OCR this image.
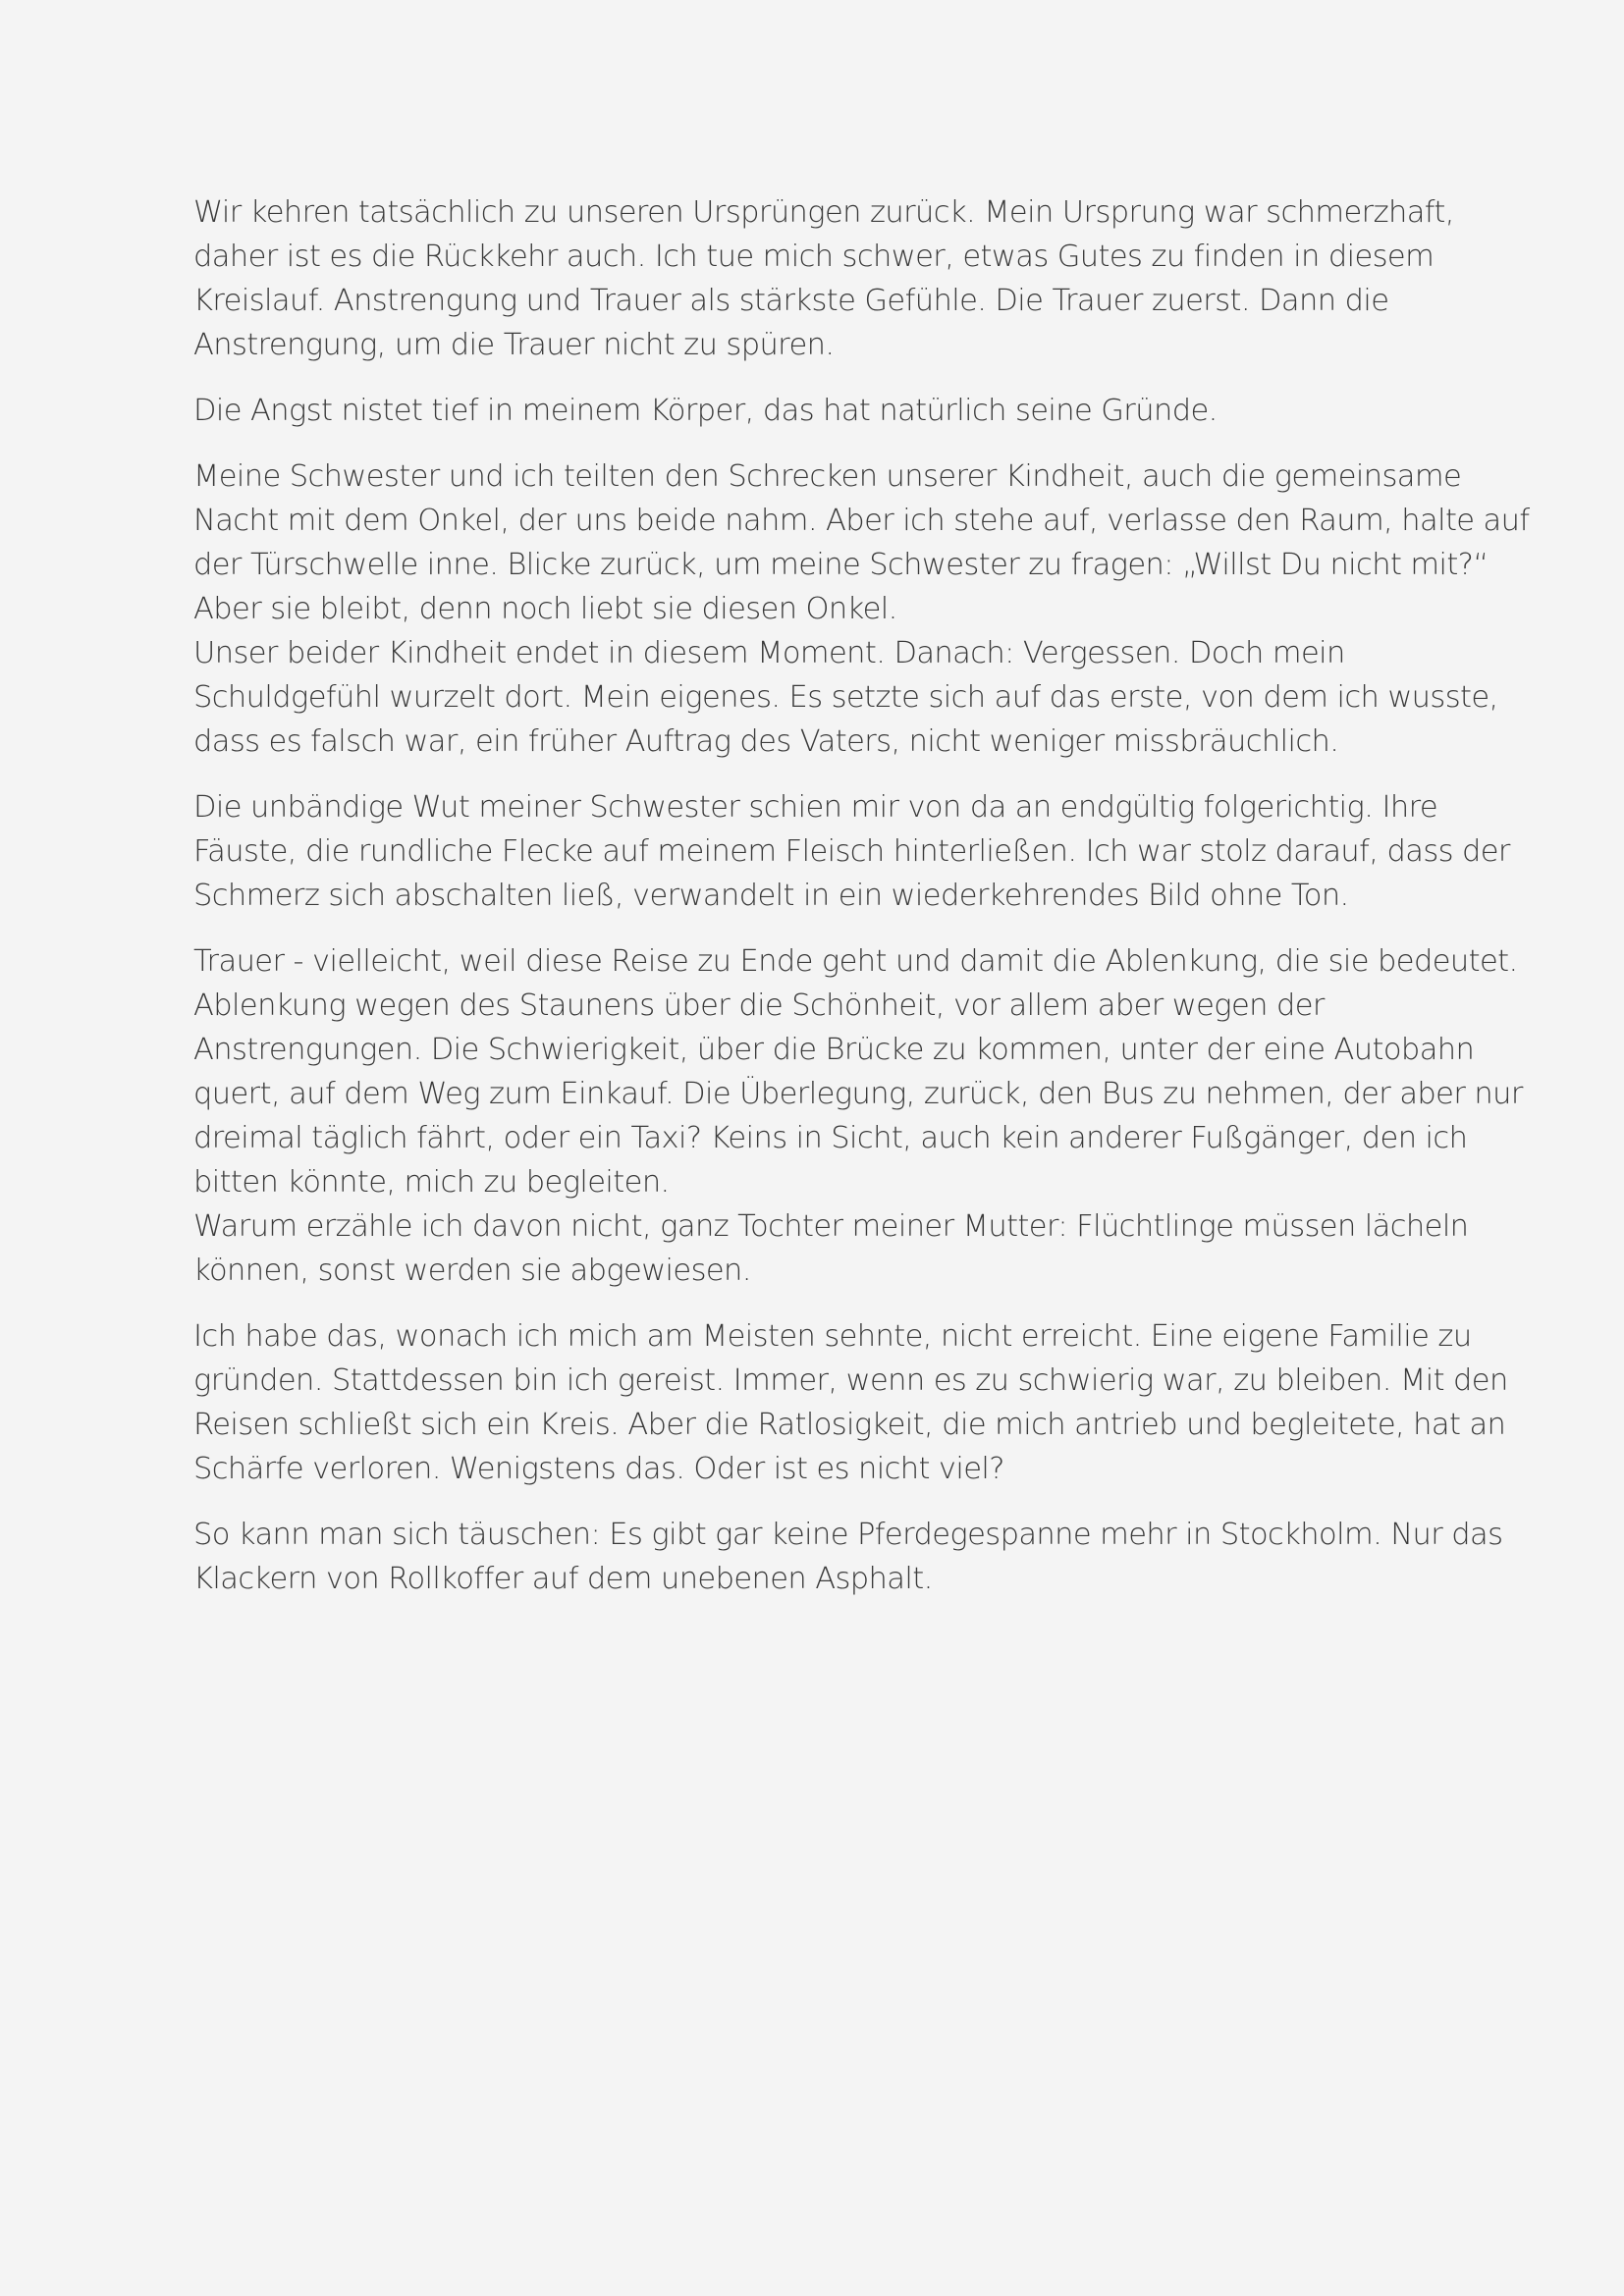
Wir kehren tatsächlich zu unseren Ursprüngen zurück. Mein Ursprung war schmerzhaft,
daher ist es die Rückkehr auch. Ich tue mich schwer, etwas Gutes zu finden in diesem
Kreislauf. Anstrengung und Trauer als stärkste Gefühle. Die Trauer zuerst. Dann die
Anstrengung, um die Trauer nicht zu spüren.
Die Angst nistet tief in meinem Körper, das hat natürlich seine Gründe.
Meine Schwester und ich teilten den Schrecken unserer Kindheit, auch die gemeinsame
Nacht mit dem Onkel, der uns beide nahm. Aber ich stehe auf, verlasse den Raum, halte auf
der Türschwelle inne. Blicke zurück, um meine Schwester zu fragen: „Willst Du nicht mit?“
Aber sie bleibt, denn noch liebt sie diesen Onkel.
Unser beider Kindheit endet in diesem Moment. Danach: Vergessen. Doch mein
Schuldgefühl wurzelt dort. Mein eigenes. Es setzte sich auf das erste, von dem ich wusste,
dass es falsch war, ein früher Auftrag des Vaters, nicht weniger missbräuchlich.
Die unbändige Wut meiner Schwester schien mir von da an endgültig folgerichtig. Ihre
Fäuste, die rundliche Flecke auf meinem Fleisch hinterließen. Ich war stolz darauf, dass der
Schmerz sich abschalten ließ, verwandelt in ein wiederkehrendes Bild ohne Ton.
Trauer - vielleicht, weil diese Reise zu Ende geht und damit die Ablenkung, die sie bedeutet.
Ablenkung wegen des Staunens über die Schönheit, vor allem aber wegen der
Anstrengungen. Die Schwierigkeit, über die Brücke zu kommen, unter der eine Autobahn
quert, auf dem Weg zum Einkauf. Die Überlegung, zurück, den Bus zu nehmen, der aber nur
dreimal täglich fährt, oder ein Taxi? Keins in Sicht, auch kein anderer Fußgänger, den ich
bitten könnte, mich zu begleiten.
Warum erzähle ich davon nicht, ganz Tochter meiner Mutter: Flüchtlinge müssen lächeln
können, sonst werden sie abgewiesen.
Ich habe das, wonach ich mich am Meisten sehnte, nicht erreicht. Eine eigene Familie zu
gründen. Stattdessen bin ich gereist. Immer, wenn es zu schwierig war, zu bleiben. Mit den
Reisen schließt sich ein Kreis. Aber die Ratlosigkeit, die mich antrieb und begleitete, hat an
Schärfe verloren. Wenigstens das. Oder ist es nicht viel?
So kann man sich täuschen: Es gibt gar keine Pferdegespanne mehr in Stockholm. Nur das
Klackern von Rollkoffer auf dem unebenen Asphalt.
